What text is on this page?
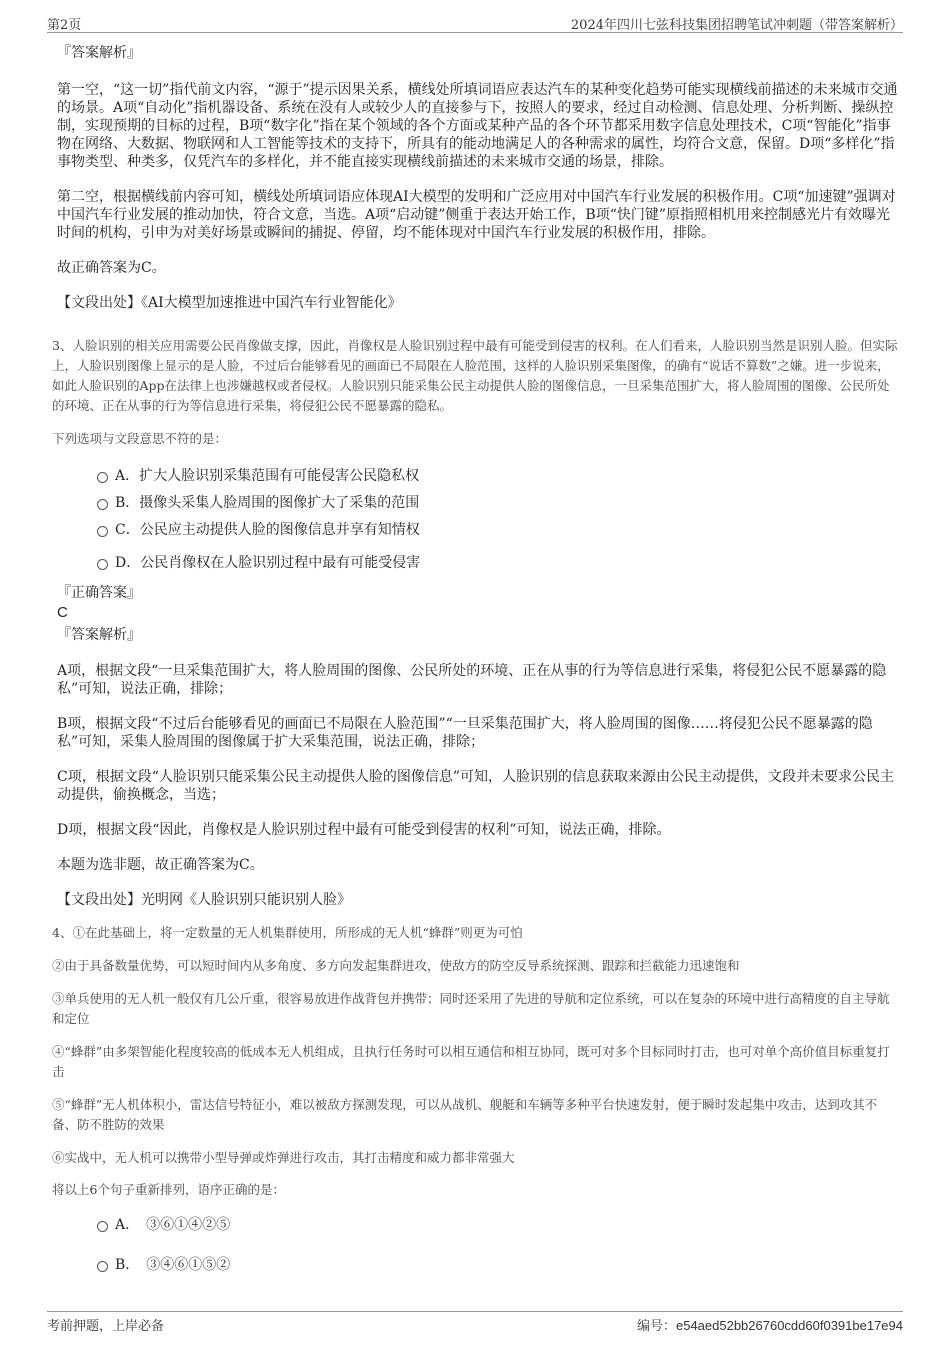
第2页	2024年四川七弦科技集团招聘笔试冲刺题（带答案解析）
『答案解析』

第一空，“这一切”指代前文内容，“源于”提示因果关系，横线处所填词语应表达汽车的某种变化趋势可能实现横线前描述的未来城市交通的场景。A项“自动化”指机器设备、系统在没有人或较少人的直接参与下，按照人的要求，经过自动检测、信息处理、分析判断、操纵控制，实现预期的目标的过程，B项“数字化”指在某个领域的各个方面或某种产品的各个环节都采用数字信息处理技术，C项“智能化”指事物在网络、大数据、物联网和人工智能等技术的支持下，所具有的能动地满足人的各种需求的属性，均符合文意，保留。D项“多样化”指事物类型、种类多，仅凭汽车的多样化，并不能直接实现横线前描述的未来城市交通的场景，排除。

第二空，根据横线前内容可知，横线处所填词语应体现AI大模型的发明和广泛应用对中国汽车行业发展的积极作用。C项“加速键”强调对中国汽车行业发展的推动加快，符合文意，当选。A项“启动键”侧重于表达开始工作，B项“快门键”原指照相机用来控制感光片有效曝光时间的机构，引申为对美好场景或瞬间的捕捉、停留，均不能体现对中国汽车行业发展的积极作用，排除。

故正确答案为C。

【文段出处】《AI大模型加速推进中国汽车行业智能化》

3、人脸识别的相关应用需要公民肖像做支撑，因此，肖像权是人脸识别过程中最有可能受到侵害的权利。在人们看来，人脸识别当然是识别人脸。但实际上，人脸识别图像上显示的是人脸，不过后台能够看见的画面已不局限在人脸范围，这样的人脸识别采集图像，的确有“说话不算数”之嫌。进一步说来，如此人脸识别的App在法律上也涉嫌越权或者侵权。人脸识别只能采集公民主动提供人脸的图像信息，一旦采集范围扩大，将人脸周围的图像、公民所处的环境、正在从事的行为等信息进行采集，将侵犯公民不愿暴露的隐私。

下列选项与文段意思不符的是：

A．扩大人脸识别采集范围有可能侵害公民隐私权
B．摄像头采集人脸周围的图像扩大了采集的范围
C．公民应主动提供人脸的图像信息并享有知情权
D．公民肖像权在人脸识别过程中最有可能受侵害
『正确答案』
C
『答案解析』

A项，根据文段“一旦采集范围扩大，将人脸周围的图像、公民所处的环境、正在从事的行为等信息进行采集，将侵犯公民不愿暴露的隐私”可知，说法正确，排除；

B项，根据文段“不过后台能够看见的画面已不局限在人脸范围”“一旦采集范围扩大，将人脸周围的图像……将侵犯公民不愿暴露的隐私”可知，采集人脸周围的图像属于扩大采集范围，说法正确，排除；

C项，根据文段“人脸识别只能采集公民主动提供人脸的图像信息”可知，人脸识别的信息获取来源由公民主动提供，文段并未要求公民主动提供，偷换概念，当选；

D项，根据文段“因此，肖像权是人脸识别过程中最有可能受到侵害的权利”可知，说法正确，排除。

本题为选非题，故正确答案为C。

【文段出处】光明网《人脸识别只能识别人脸》

4、①在此基础上，将一定数量的无人机集群使用，所形成的无人机“蜂群”则更为可怕

②由于具备数量优势，可以短时间内从多角度、多方向发起集群进攻，使敌方的防空反导系统探测、跟踪和拦截能力迅速饱和

③单兵使用的无人机一般仅有几公斤重，很容易放进作战背包并携带；同时还采用了先进的导航和定位系统，可以在复杂的环境中进行高精度的自主导航和定位

④“蜂群”由多架智能化程度较高的低成本无人机组成，且执行任务时可以相互通信和相互协同，既可对多个目标同时打击，也可对单个高价值目标重复打击

⑤“蜂群”无人机体积小，雷达信号特征小，难以被敌方探测发现，可以从战机、舰艇和车辆等多种平台快速发射，便于瞬时发起集中攻击，达到攻其不备、防不胜防的效果

⑥实战中，无人机可以携带小型导弹或炸弹进行攻击，其打击精度和威力都非常强大

将以上6个句子重新排列，语序正确的是：

A．　③⑥①④②⑤
B．　③④⑥①⑤②
考前押题，上岸必备	编号：e54aed52bb26760cdd60f0391be17e94
